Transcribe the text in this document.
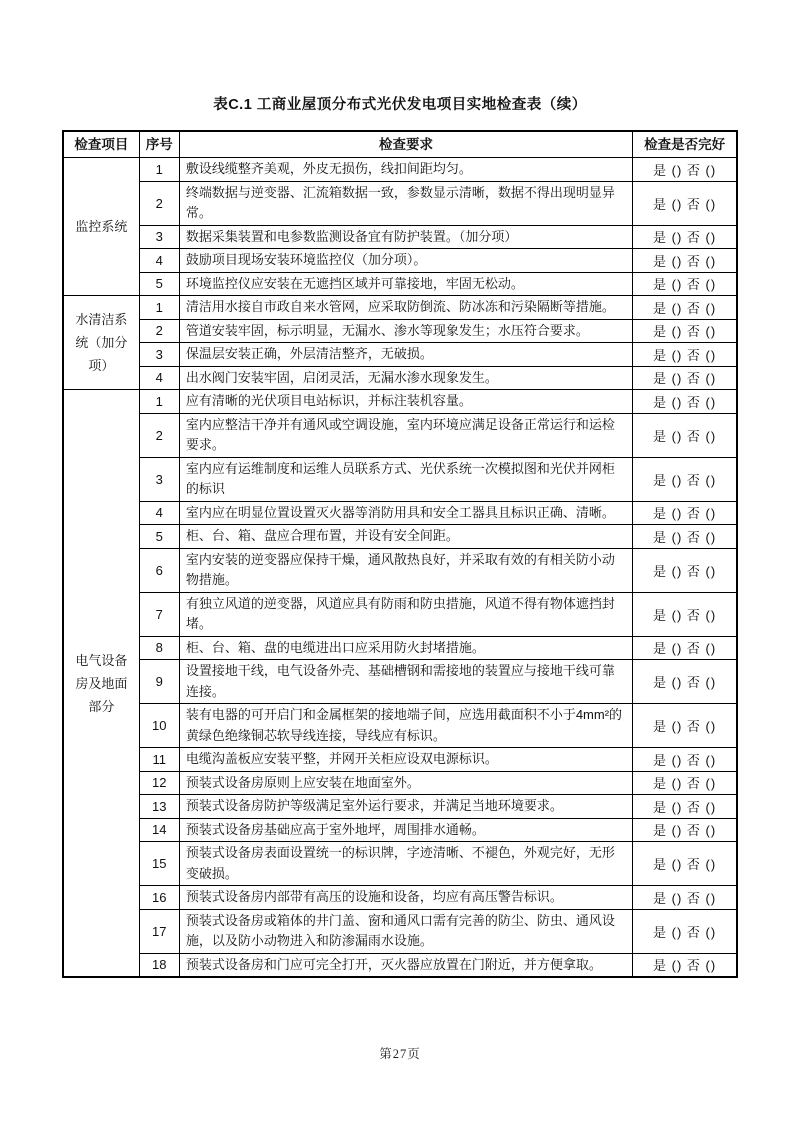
表C.1 工商业屋顶分布式光伏发电项目实地检查表（续）
检查项目	序号	检查要求	检查是否完好
监控系统	1	敷设线缆整齐美观，外皮无损伤，线扣间距均匀。	是 () 否 ()
	2	终端数据与逆变器、汇流箱数据一致，参数显示清晰，数据不得出现明显异常。	是 () 否 ()
	3	数据采集装置和电参数监测设备宜有防护装置。（加分项）	是 () 否 ()
	4	鼓励项目现场安装环境监控仪（加分项）。	是 () 否 ()
	5	环境监控仪应安装在无遮挡区域并可靠接地，牢固无松动。	是 () 否 ()
水清洁系统（加分项）	1	清洁用水接自市政自来水管网，应采取防倒流、防冰冻和污染隔断等措施。	是 () 否 ()
	2	管道安装牢固，标示明显，无漏水、渗水等现象发生；水压符合要求。	是 () 否 ()
	3	保温层安装正确，外层清洁整齐，无破损。	是 () 否 ()
	4	出水阀门安装牢固，启闭灵活，无漏水渗水现象发生。	是 () 否 ()
电气设备房及地面部分	1	应有清晰的光伏项目电站标识，并标注装机容量。	是 () 否 ()
	2	室内应整洁干净并有通风或空调设施，室内环境应满足设备正常运行和运检要求。	是 () 否 ()
	3	室内应有运维制度和运维人员联系方式、光伏系统一次模拟图和光伏并网柜的标识	是 () 否 ()
	4	室内应在明显位置设置灭火器等消防用具和安全工器具且标识正确、清晰。	是 () 否 ()
	5	柜、台、箱、盘应合理布置，并设有安全间距。	是 () 否 ()
	6	室内安装的逆变器应保持干燥，通风散热良好，并采取有效的有相关防小动物措施。	是 () 否 ()
	7	有独立风道的逆变器，风道应具有防雨和防虫措施，风道不得有物体遮挡封堵。	是 () 否 ()
	8	柜、台、箱、盘的电缆进出口应采用防火封堵措施。	是 () 否 ()
	9	设置接地干线，电气设备外壳、基础槽钢和需接地的装置应与接地干线可靠连接。	是 () 否 ()
	10	装有电器的可开启门和金属框架的接地端子间，应选用截面积不小于4mm²的黄绿色绝缘铜芯软导线连接，导线应有标识。	是 () 否 ()
	11	电缆沟盖板应安装平整，并网开关柜应设双电源标识。	是 () 否 ()
	12	预装式设备房原则上应安装在地面室外。	是 () 否 ()
	13	预装式设备房防护等级满足室外运行要求，并满足当地环境要求。	是 () 否 ()
	14	预装式设备房基础应高于室外地坪，周围排水通畅。	是 () 否 ()
	15	预装式设备房表面设置统一的标识牌，字迹清晰、不褪色，外观完好，无形变破损。	是 () 否 ()
	16	预装式设备房内部带有高压的设施和设备，均应有高压警告标识。	是 () 否 ()
	17	预装式设备房或箱体的井门盖、窗和通风口需有完善的防尘、防虫、通风设施，以及防小动物进入和防渗漏雨水设施。	是 () 否 ()
	18	预装式设备房和门应可完全打开，灭火器应放置在门附近，并方便拿取。	是 () 否 ()
第27页
